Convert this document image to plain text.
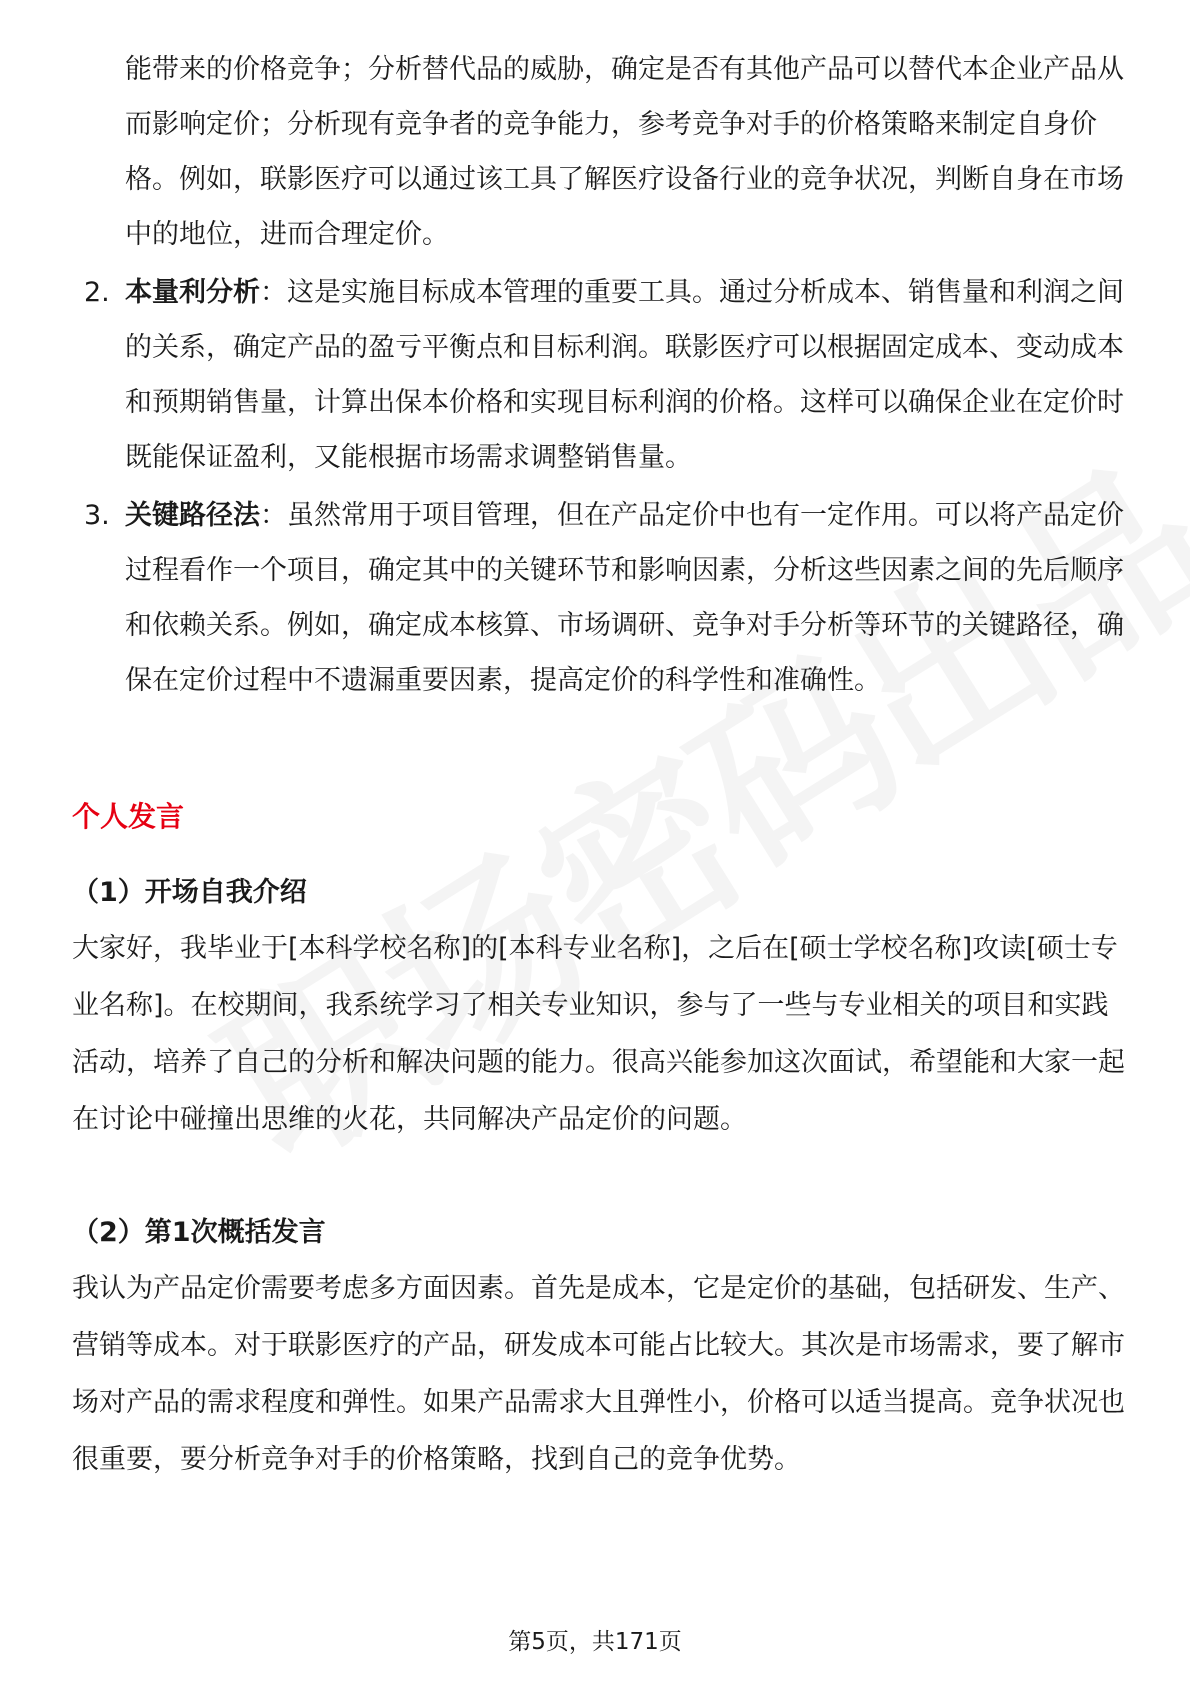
能带来的价格竞争；分析替代品的威胁，确定是否有其他产品可以替代本企业产品从而影响定价；分析现有竞争者的竞争能力，参考竞争对手的价格策略来制定自身价格。例如，联影医疗可以通过该工具了解医疗设备行业的竞争状况，判断自身在市场中的地位，进而合理定价。
2. 本量利分析：这是实施目标成本管理的重要工具。通过分析成本、销售量和利润之间的关系，确定产品的盈亏平衡点和目标利润。联影医疗可以根据固定成本、变动成本和预期销售量，计算出保本价格和实现目标利润的价格。这样可以确保企业在定价时既能保证盈利，又能根据市场需求调整销售量。
3. 关键路径法：虽然常用于项目管理，但在产品定价中也有一定作用。可以将产品定价过程看作一个项目，确定其中的关键环节和影响因素，分析这些因素之间的先后顺序和依赖关系。例如，确定成本核算、市场调研、竞争对手分析等环节的关键路径，确保在定价过程中不遗漏重要因素，提高定价的科学性和准确性。
个人发言
（1）开场自我介绍

大家好，我毕业于[本科学校名称]的[本科专业名称]，之后在[硕士学校名称]攻读[硕士专业名称]。在校期间，我系统学习了相关专业知识，参与了一些与专业相关的项目和实践活动，培养了自己的分析和解决问题的能力。很高兴能参加这次面试，希望能和大家一起在讨论中碰撞出思维的火花，共同解决产品定价的问题。

（2）第1次概括发言

我认为产品定价需要考虑多方面因素。首先是成本，它是定价的基础，包括研发、生产、营销等成本。对于联影医疗的产品，研发成本可能占比较大。其次是市场需求，要了解市场对产品的需求程度和弹性。如果产品需求大且弹性小，价格可以适当提高。竞争状况也很重要，要分析竞争对手的价格策略，找到自己的竞争优势。

第5页，共171页
